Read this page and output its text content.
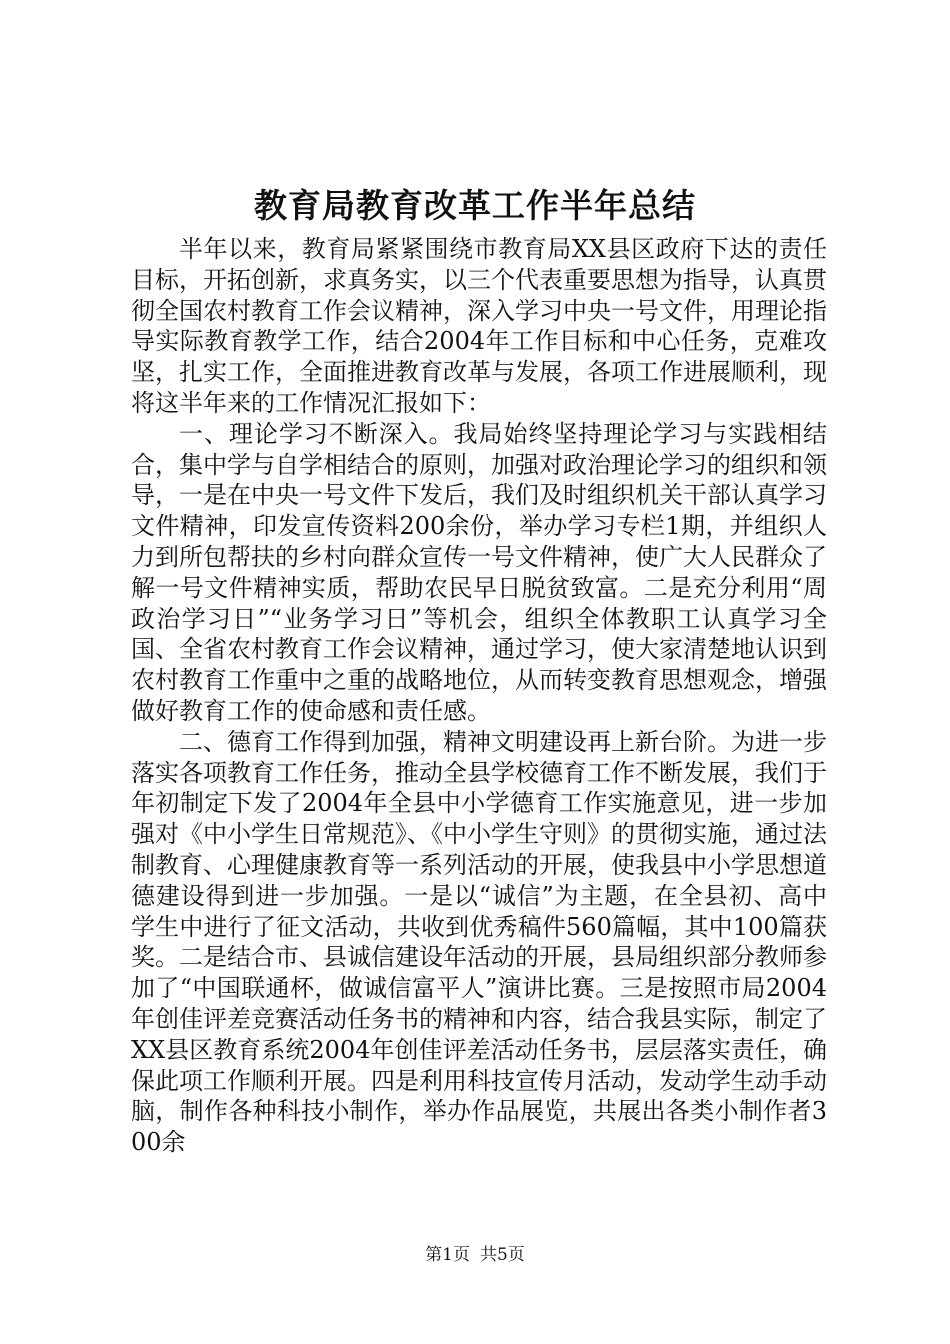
教育局教育改革工作半年总结

半年以来，教育局紧紧围绕市教育局XX县区政府下达的责任目标，开拓创新，求真务实，以三个代表重要思想为指导，认真贯彻全国农村教育工作会议精神，深入学习中央一号文件，用理论指导实际教育教学工作，结合2004年工作目标和中心任务，克难攻坚，扎实工作，全面推进教育改革与发展，各项工作进展顺利，现将这半年来的工作情况汇报如下：

一、理论学习不断深入。我局始终坚持理论学习与实践相结合，集中学与自学相结合的原则，加强对政治理论学习的组织和领导，一是在中央一号文件下发后，我们及时组织机关干部认真学习文件精神，印发宣传资料200余份，举办学习专栏1期，并组织人力到所包帮扶的乡村向群众宣传一号文件精神，使广大人民群众了解一号文件精神实质，帮助农民早日脱贫致富。二是充分利用“周政治学习日”“业务学习日”等机会，组织全体教职工认真学习全国、全省农村教育工作会议精神，通过学习，使大家清楚地认识到农村教育工作重中之重的战略地位，从而转变教育思想观念，增强做好教育工作的使命感和责任感。

二、德育工作得到加强，精神文明建设再上新台阶。为进一步落实各项教育工作任务，推动全县学校德育工作不断发展，我们于年初制定下发了2004年全县中小学德育工作实施意见，进一步加强对《中小学生日常规范》、《中小学生守则》的贯彻实施，通过法制教育、心理健康教育等一系列活动的开展，使我县中小学思想道德建设得到进一步加强。一是以“诚信”为主题，在全县初、高中学生中进行了征文活动，共收到优秀稿件560篇幅，其中100篇获奖。二是结合市、县诚信建设年活动的开展，县局组织部分教师参加了“中国联通杯，做诚信富平人”演讲比赛。三是按照市局2004年创佳评差竞赛活动任务书的精神和内容，结合我县实际，制定了XX县区教育系统2004年创佳评差活动任务书，层层落实责任，确保此项工作顺利开展。四是利用科技宣传月活动，发动学生动手动脑，制作各种科技小制作，举办作品展览，共展出各类小制作者300余

第1页 共5页
